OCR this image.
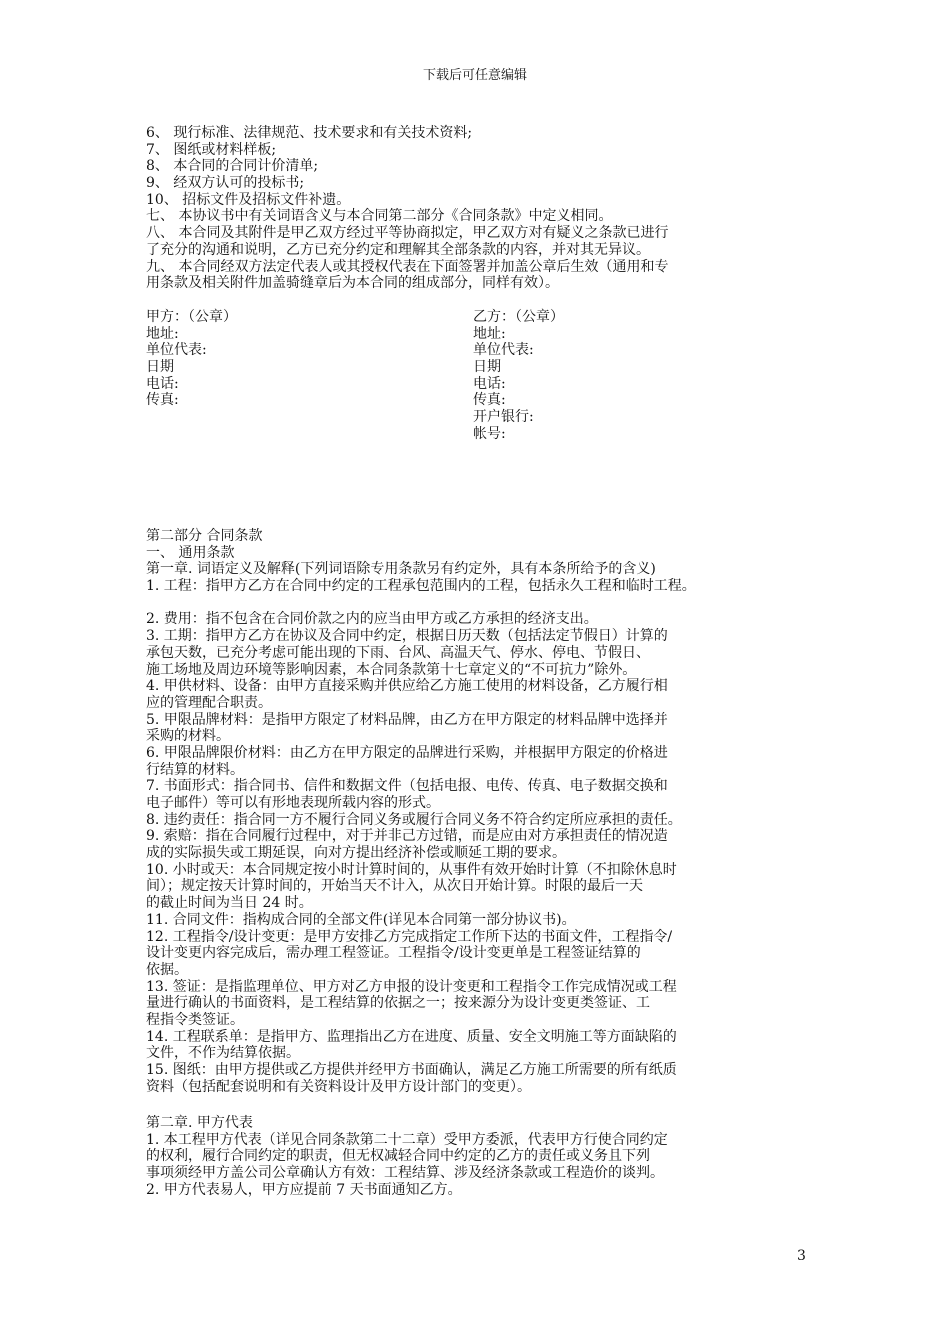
下载后可任意编辑
6、 现行标准、法律规范、技术要求和有关技术资料;
7、 图纸或材料样板;
8、 本合同的合同计价清单;
9、 经双方认可的投标书;
10、 招标文件及招标文件补遗。
七、 本协议书中有关词语含义与本合同第二部分《合同条款》中定义相同。
八、 本合同及其附件是甲乙双方经过平等协商拟定，甲乙双方对有疑义之条款已进行
了充分的沟通和说明，乙方已充分约定和理解其全部条款的内容，并对其无异议。
九、 本合同经双方法定代表人或其授权代表在下面签署并加盖公章后生效（通用和专
用条款及相关附件加盖骑缝章后为本合同的组成部分，同样有效）。
甲方：（公章）
地址:
单位代表:
日期
电话:
传真:
乙方：（公章）
地址:
单位代表:
日期
电话:
传真:
开户银行:
帐号:
第二部分 合同条款
一、 通用条款
第一章. 词语定义及解释(下列词语除专用条款另有约定外，具有本条所给予的含义)
1. 工程：指甲方乙方在合同中约定的工程承包范围内的工程，包括永久工程和临时工程。
2. 费用：指不包含在合同价款之内的应当由甲方或乙方承担的经济支出。
3. 工期：指甲方乙方在协议及合同中约定，根据日历天数（包括法定节假日）计算的
承包天数，已充分考虑可能出现的下雨、台风、高温天气、停水、停电、节假日、
施工场地及周边环境等影响因素，本合同条款第十七章定义的“不可抗力”除外。
4. 甲供材料、设备：由甲方直接采购并供应给乙方施工使用的材料设备，乙方履行相
应的管理配合职责。
5. 甲限品牌材料：是指甲方限定了材料品牌，由乙方在甲方限定的材料品牌中选择并
采购的材料。
6. 甲限品牌限价材料：由乙方在甲方限定的品牌进行采购，并根据甲方限定的价格进
行结算的材料。
7. 书面形式：指合同书、信件和数据文件（包括电报、电传、传真、电子数据交换和
电子邮件）等可以有形地表现所载内容的形式。
8. 违约责任：指合同一方不履行合同义务或履行合同义务不符合约定所应承担的责任。
9. 索赔：指在合同履行过程中，对于并非己方过错，而是应由对方承担责任的情况造
成的实际损失或工期延误，向对方提出经济补偿或顺延工期的要求。
10. 小时或天：本合同规定按小时计算时间的，从事件有效开始时计算（不扣除休息时
间）；规定按天计算时间的，开始当天不计入，从次日开始计算。时限的最后一天
的截止时间为当日 24 时。
11. 合同文件：指构成合同的全部文件(详见本合同第一部分协议书)。
12. 工程指令/设计变更：是甲方安排乙方完成指定工作所下达的书面文件，工程指令/
设计变更内容完成后，需办理工程签证。工程指令/设计变更单是工程签证结算的
依据。
13. 签证：是指监理单位、甲方对乙方申报的设计变更和工程指令工作完成情况或工程
量进行确认的书面资料，是工程结算的依据之一；按来源分为设计变更类签证、工
程指令类签证。
14. 工程联系单：是指甲方、监理指出乙方在进度、质量、安全文明施工等方面缺陷的
文件，不作为结算依据。
15. 图纸：由甲方提供或乙方提供并经甲方书面确认，满足乙方施工所需要的所有纸质
资料（包括配套说明和有关资料设计及甲方设计部门的变更）。
第二章. 甲方代表
1. 本工程甲方代表（详见合同条款第二十二章）受甲方委派，代表甲方行使合同约定
的权利，履行合同约定的职责，但无权减轻合同中约定的乙方的责任或义务且下列
事项须经甲方盖公司公章确认方有效：工程结算、涉及经济条款或工程造价的谈判。
2. 甲方代表易人，甲方应提前 7 天书面通知乙方。
3
